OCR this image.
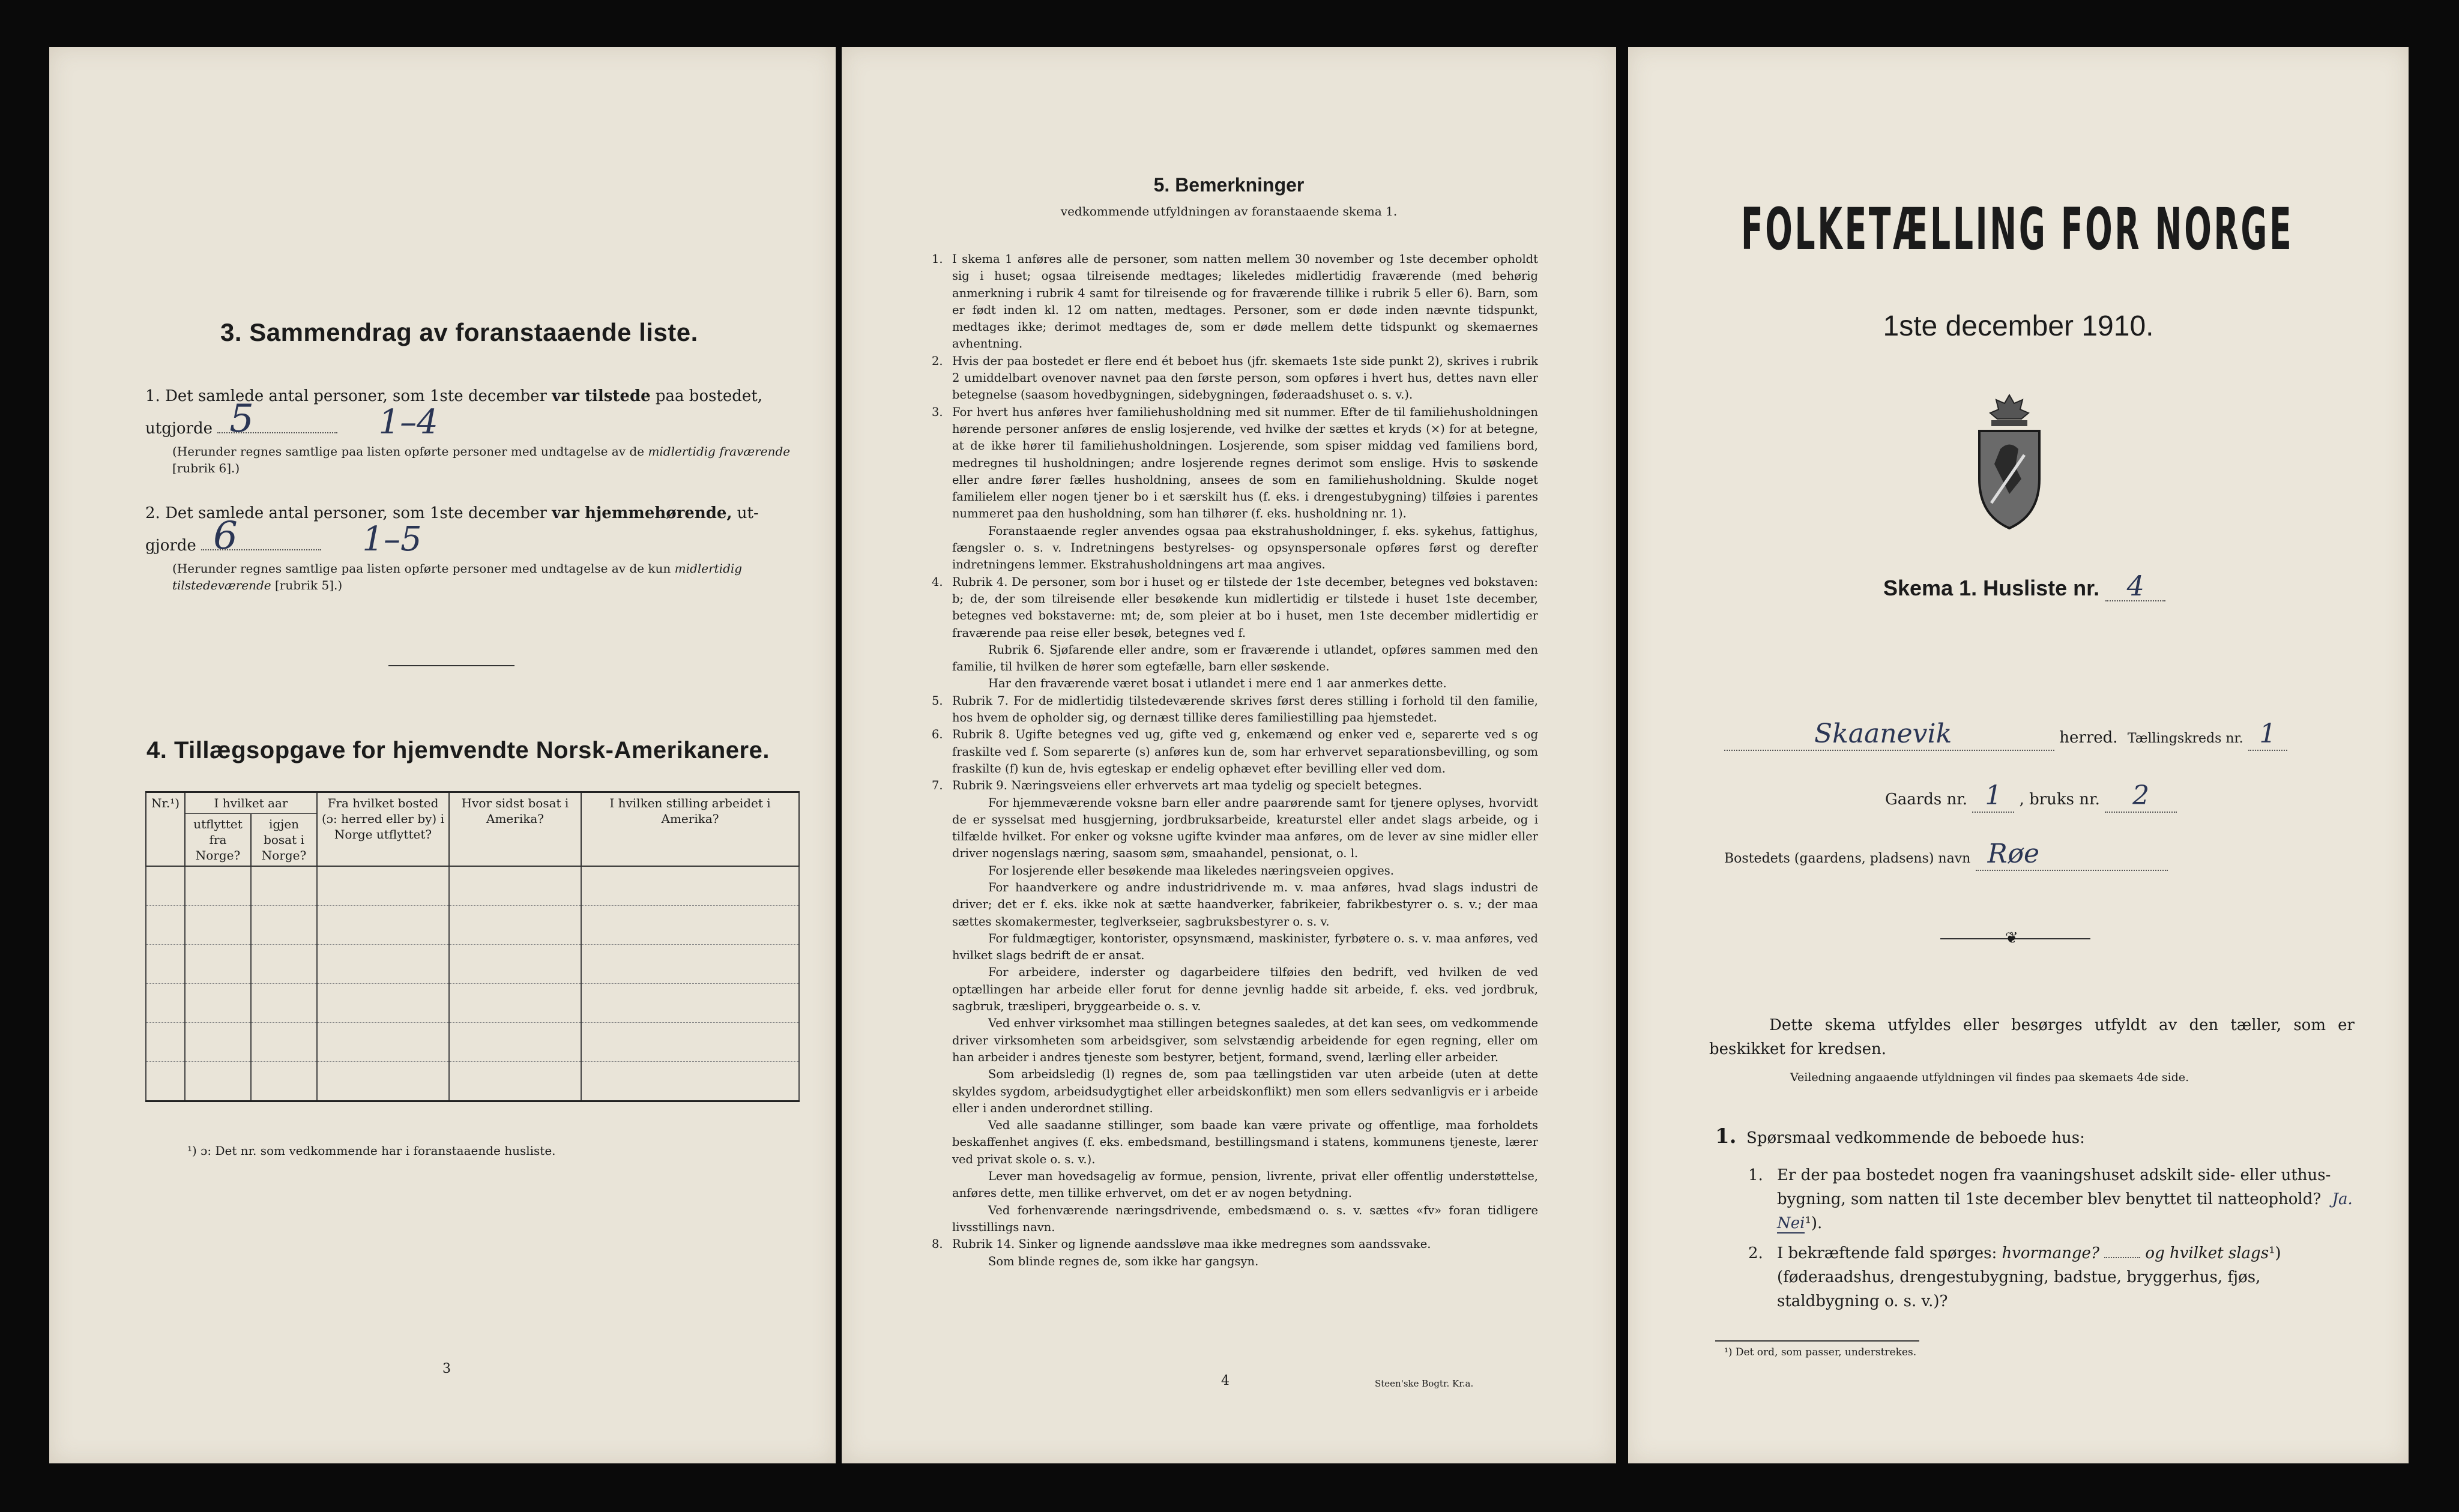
3. Sammendrag av foranstaaende liste.
1. Det samlede antal personer, som 1ste december var tilstede paa bostedet,
utgjorde 5	1–4
(Herunder regnes samtlige paa listen opførte personer med undtagelse av de midlertidig fraværende [rubrik 6].)
2. Det samlede antal personer, som 1ste december var hjemmehørende, ut-
gjorde 6	1–5
(Herunder regnes samtlige paa listen opførte personer med undtagelse av de kun midlertidig tilstedeværende [rubrik 5].)
4. Tillægsopgave for hjemvendte Norsk-Amerikanere.
Nr.¹)	I hvilket aar		Fra hvilket bosted (ɔ: herred eller by) i Norge utflyttet?	Hvor sidst bosat i Amerika?	I hvilken stilling arbeidet i Amerika?
	utflyttet fra Norge?	igjen bosat i Norge?			

¹) ɔ: Det nr. som vedkommende har i foranstaaende husliste.
3
5. Bemerkninger
vedkommende utfyldningen av foranstaaende skema 1.
1. I skema 1 anføres alle de personer, som natten mellem 30 november og 1ste december opholdt sig i huset; ogsaa tilreisende medtages; likeledes midlertidig fraværende (med behørig anmerkning i rubrik 4 samt for tilreisende og for fraværende tillike i rubrik 5 eller 6). Barn, som er født inden kl. 12 om natten, medtages. Personer, som er døde inden nævnte tidspunkt, medtages ikke; derimot medtages de, som er døde mellem dette tidspunkt og skemaernes avhentning.
2. Hvis der paa bostedet er flere end ét beboet hus (jfr. skemaets 1ste side punkt 2), skrives i rubrik 2 umiddelbart ovenover navnet paa den første person, som opføres i hvert hus, dettes navn eller betegnelse (saasom hovedbygningen, sidebygningen, føderaadshuset o. s. v.).
3. For hvert hus anføres hver familiehusholdning med sit nummer. Efter de til familiehusholdningen hørende personer anføres de enslig losjerende, ved hvilke der sættes et kryds (×) for at betegne, at de ikke hører til familiehusholdningen. Losjerende, som spiser middag ved familiens bord, medregnes til husholdningen; andre losjerende regnes derimot som enslige. Hvis to søskende eller andre fører fælles husholdning, ansees de som en familiehusholdning. Skulde noget familielem eller nogen tjener bo i et særskilt hus (f. eks. i drengestubygning) tilføies i parentes nummeret paa den husholdning, som han tilhører (f. eks. husholdning nr. 1).
Foranstaaende regler anvendes ogsaa paa ekstrahusholdninger, f. eks. sykehus, fattighus, fængsler o. s. v. Indretningens bestyrelses- og opsynspersonale opføres først og derefter indretningens lemmer. Ekstrahusholdningens art maa angives.
4. Rubrik 4. De personer, som bor i huset og er tilstede der 1ste december, betegnes ved bokstaven: b; de, der som tilreisende eller besøkende kun midlertidig er tilstede i huset 1ste december, betegnes ved bokstaverne: mt; de, som pleier at bo i huset, men 1ste december midlertidig er fraværende paa reise eller besøk, betegnes ved f.
Rubrik 6. Sjøfarende eller andre, som er fraværende i utlandet, opføres sammen med den familie, til hvilken de hører som egtefælle, barn eller søskende.
Har den fraværende været bosat i utlandet i mere end 1 aar anmerkes dette.
5. Rubrik 7. For de midlertidig tilstedeværende skrives først deres stilling i forhold til den familie, hos hvem de opholder sig, og dernæst tillike deres familiestilling paa hjemstedet.
6. Rubrik 8. Ugifte betegnes ved ug, gifte ved g, enkemænd og enker ved e, separerte ved s og fraskilte ved f. Som separerte (s) anføres kun de, som har erhvervet separationsbevilling, og som fraskilte (f) kun de, hvis egteskap er endelig ophævet efter bevilling eller ved dom.
7. Rubrik 9. Næringsveiens eller erhvervets art maa tydelig og specielt betegnes.
For hjemmeværende voksne barn eller andre paarørende samt for tjenere oplyses, hvorvidt de er sysselsat med husgjerning, jordbruksarbeide, kreaturstel eller andet slags arbeide, og i tilfælde hvilket. For enker og voksne ugifte kvinder maa anføres, om de lever av sine midler eller driver nogenslags næring, saasom søm, smaahandel, pensionat, o. l.
For losjerende eller besøkende maa likeledes næringsveien opgives.
For haandverkere og andre industridrivende m. v. maa anføres, hvad slags industri de driver; det er f. eks. ikke nok at sætte haandverker, fabrikeier, fabrikbestyrer o. s. v.; der maa sættes skomakermester, teglverkseier, sagbruksbestyrer o. s. v.
For fuldmægtiger, kontorister, opsynsmænd, maskinister, fyrbøtere o. s. v. maa anføres, ved hvilket slags bedrift de er ansat.
For arbeidere, inderster og dagarbeidere tilføies den bedrift, ved hvilken de ved optællingen har arbeide eller forut for denne jevnlig hadde sit arbeide, f. eks. ved jordbruk, sagbruk, træsliperi, bryggearbeide o. s. v.
Ved enhver virksomhet maa stillingen betegnes saaledes, at det kan sees, om vedkommende driver virksomheten som arbeidsgiver, som selvstændig arbeidende for egen regning, eller om han arbeider i andres tjeneste som bestyrer, betjent, formand, svend, lærling eller arbeider.
Som arbeidsledig (l) regnes de, som paa tællingstiden var uten arbeide (uten at dette skyldes sygdom, arbeidsudygtighet eller arbeidskonflikt) men som ellers sedvanligvis er i arbeide eller i anden underordnet stilling.
Ved alle saadanne stillinger, som baade kan være private og offentlige, maa forholdets beskaffenhet angives (f. eks. embedsmand, bestillingsmand i statens, kommunens tjeneste, lærer ved privat skole o. s. v.).
Lever man hovedsagelig av formue, pension, livrente, privat eller offentlig understøttelse, anføres dette, men tillike erhvervet, om det er av nogen betydning.
Ved forhenværende næringsdrivende, embedsmænd o. s. v. sættes «fv» foran tidligere livsstillings navn.
8. Rubrik 14. Sinker og lignende aandssløve maa ikke medregnes som aandssvake.
Som blinde regnes de, som ikke har gangsyn.
4	Steen'ske Bogtr. Kr.a.
FOLKETÆLLING FOR NORGE
1ste december 1910.
Skema 1. Husliste nr. 4
Skaanevik	herred. Tællingskreds nr. 1
Gaards nr. 1 , bruks nr. 2
Bostedets (gaardens, pladsens) navn Røe
❦
Dette skema utfyldes eller besørges utfyldt av den tæller, som er beskikket for kredsen.
Veiledning angaaende utfyldningen vil findes paa skemaets 4de side.
1. Spørsmaal vedkommende de beboede hus:
1. Er der paa bostedet nogen fra vaaningshuset adskilt side- eller uthus-bygning, som natten til 1ste december blev benyttet til natteophold? Ja. Nei¹).
2. I bekræftende fald spørges: hvormange?	og hvilket slags¹) (føderaadshus, drengestubygning, badstue, bryggerhus, fjøs, staldbygning o. s. v.)?
¹) Det ord, som passer, understrekes.
